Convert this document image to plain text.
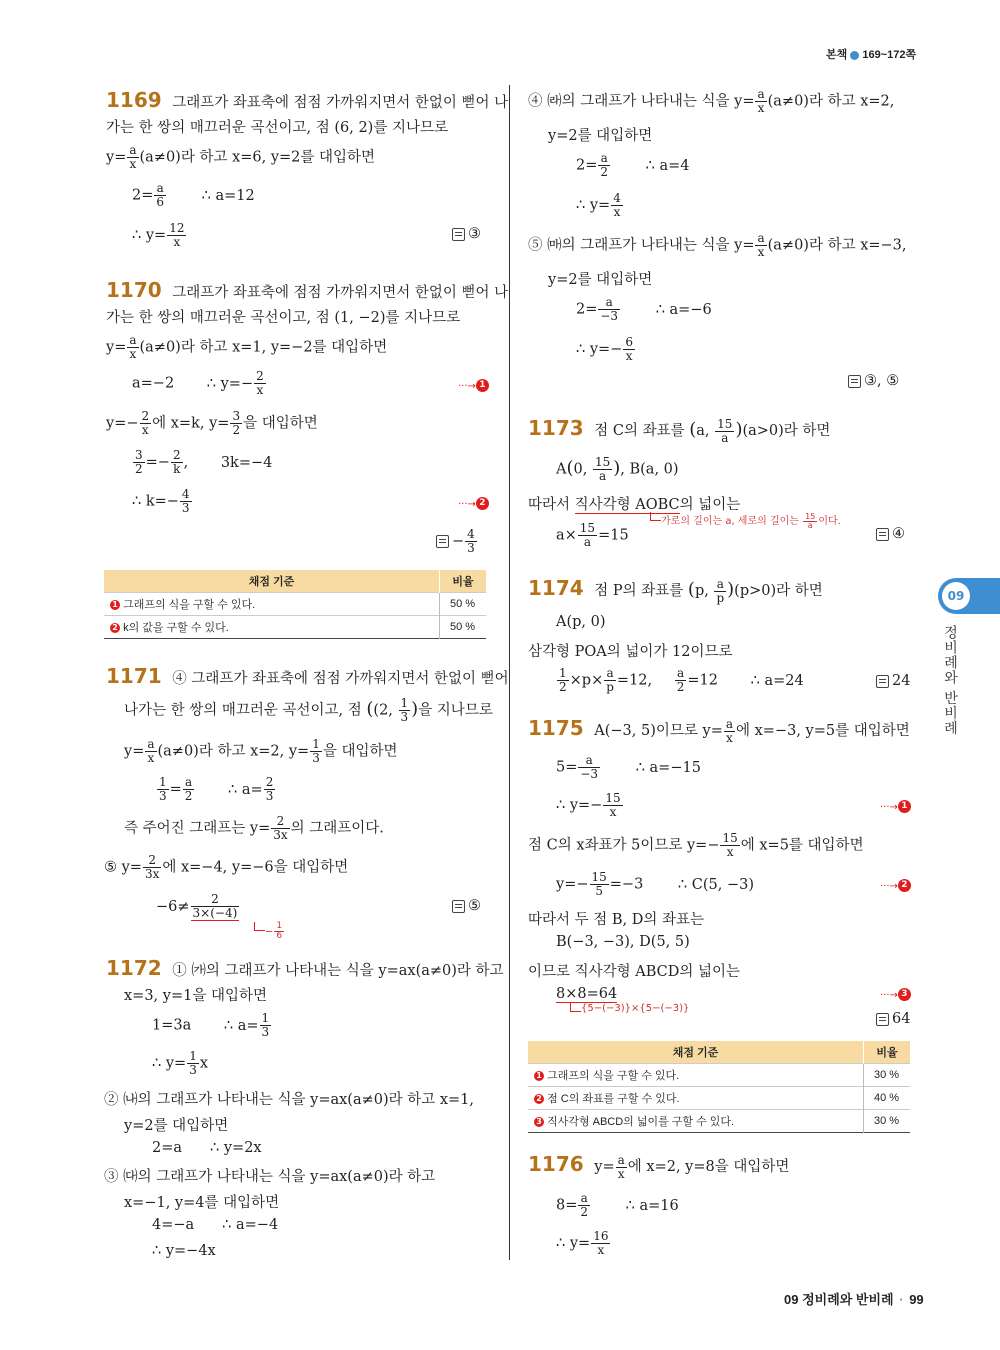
본책 169~172쪽
09
정비례와 반비례
1169 그래프가 좌표축에 점점 가까워지면서 한없이 뻗어 나
가는 한 쌍의 매끄러운 곡선이고, 점 (6, 2)를 지나므로
$y= \frac{a}{x} (a\ne 0)$라 하고 x=6, y=2를 대입하면
$2= \frac{a}{6}$ ∴ a=12
∴ $y= \frac{12}{x}$	③
1170 그래프가 좌표축에 점점 가까워지면서 한없이 뻗어 나
가는 한 쌍의 매끄러운 곡선이고, 점 (1, −2)를 지나므로
$y= \frac{a}{x} (a\ne 0)$라 하고 x=1, y=−2를 대입하면
a=−2 ∴ $y=- \frac{2}{x}$	···→ 1
$y=- \frac{2}{x}$ 에 x=k, $y= \frac{3}{2}$ 을 대입하면
$\frac{3}{2} =- \frac{2}{k}$ , 3k=−4
∴ $k=- \frac{4}{3}$	···→ 2
− $\frac{4}{3}$
채점 기준	비율
1 그래프의 식을 구할 수 있다.	50 %
2 k의 값을 구할 수 있다.	50 %
1171 ④ 그래프가 좌표축에 점점 가까워지면서 한없이 뻗어
나가는 한 쌍의 매끄러운 곡선이고, 점 ((2, $\frac{1}{3}$ )을 지나므로
$y= \frac{a}{x} (a\ne 0)$라 하고 x=2, $y= \frac{1}{3}$ 을 대입하면
$\frac{1}{3} = \frac{a}{2}$ ∴ $a= \frac{2}{3}$
즉 주어진 그래프는 $y= \frac{2}{3x}$ 의 그래프이다.
⑤ $y= \frac{2}{3x}$ 에 x=−4, y=−6을 대입하면
$-6\ne \frac{2}{3\times(-4)}$
− $\frac{1}{6}$
⑤
1172 ① ㈎의 그래프가 나타내는 식을 y=ax(a≠0)라 하고
x=3, y=1을 대입하면
1=3a ∴ $a= \frac{1}{3}$
∴ $y= \frac{1}{3}$ x
② ㈏의 그래프가 나타내는 식을 y=ax(a≠0)라 하고 x=1,
y=2를 대입하면
2=a ∴ y=2x
③ ㈐의 그래프가 나타내는 식을 y=ax(a≠0)라 하고
x=−1, y=4를 대입하면
4=−a ∴ a=−4
∴ y=−4x
④ ㈑의 그래프가 나타내는 식을 $y= \frac{a}{x} (a\ne 0)$라 하고 x=2,
y=2를 대입하면
$2= \frac{a}{2}$ ∴ a=4
∴ $y= \frac{4}{x}$
⑤ ㈒의 그래프가 나타내는 식을 $y= \frac{a}{x} (a\ne 0)$라 하고 x=−3,
y=2를 대입하면
$2= \frac{a}{-3}$ ∴ a=−6
∴ $y=- \frac{6}{x}$
③, ⑤
1173 점 C의 좌표를 (a, $\frac{15}{a} )(a>0)$라 하면
A(0, $\frac{15}{a}$ ), B(a, 0)
따라서 직사각형 AOBC의 넓이는
가로의 길이는 a, 세로의 길이는 $\frac{15}{a}$ 이다.
$a\times \frac{15}{a} =15$	④
1174 점 P의 좌표를 (p, $\frac{a}{p} )(p>0)$라 하면
A(p, 0)
삼각형 POA의 넓이가 12이므로
$\frac{1}{2} \times p\times \frac{a}{p} =12$, $\frac{a}{2} =12$ ∴ a=24	24
1175 A(−3, 5)이므로 $y= \frac{a}{x}$ 에 x=−3, y=5를 대입하면
$5= \frac{a}{-3}$ ∴ a=−15
∴ $y=- \frac{15}{x}$	···→ 1
점 C의 x좌표가 5이므로 $y=- \frac{15}{x}$ 에 x=5를 대입하면
$y=- \frac{15}{5} =-3$ ∴ C(5, −3)	···→ 2
따라서 두 점 B, D의 좌표는
B(−3, −3), D(5, 5)
이므로 직사각형 ABCD의 넓이는
8×8=64
{5−(−3)}×{5−(−3)}
···→ 3
64
채점 기준	비율
1 그래프의 식을 구할 수 있다.	30 %
2 점 C의 좌표를 구할 수 있다.	40 %
3 직사각형 ABCD의 넓이를 구할 수 있다.	30 %
1176 $y= \frac{a}{x}$ 에 x=2, y=8을 대입하면
$8= \frac{a}{2}$ ∴ a=16
∴ $y= \frac{16}{x}$
09 정비례와 반비례 · 99
